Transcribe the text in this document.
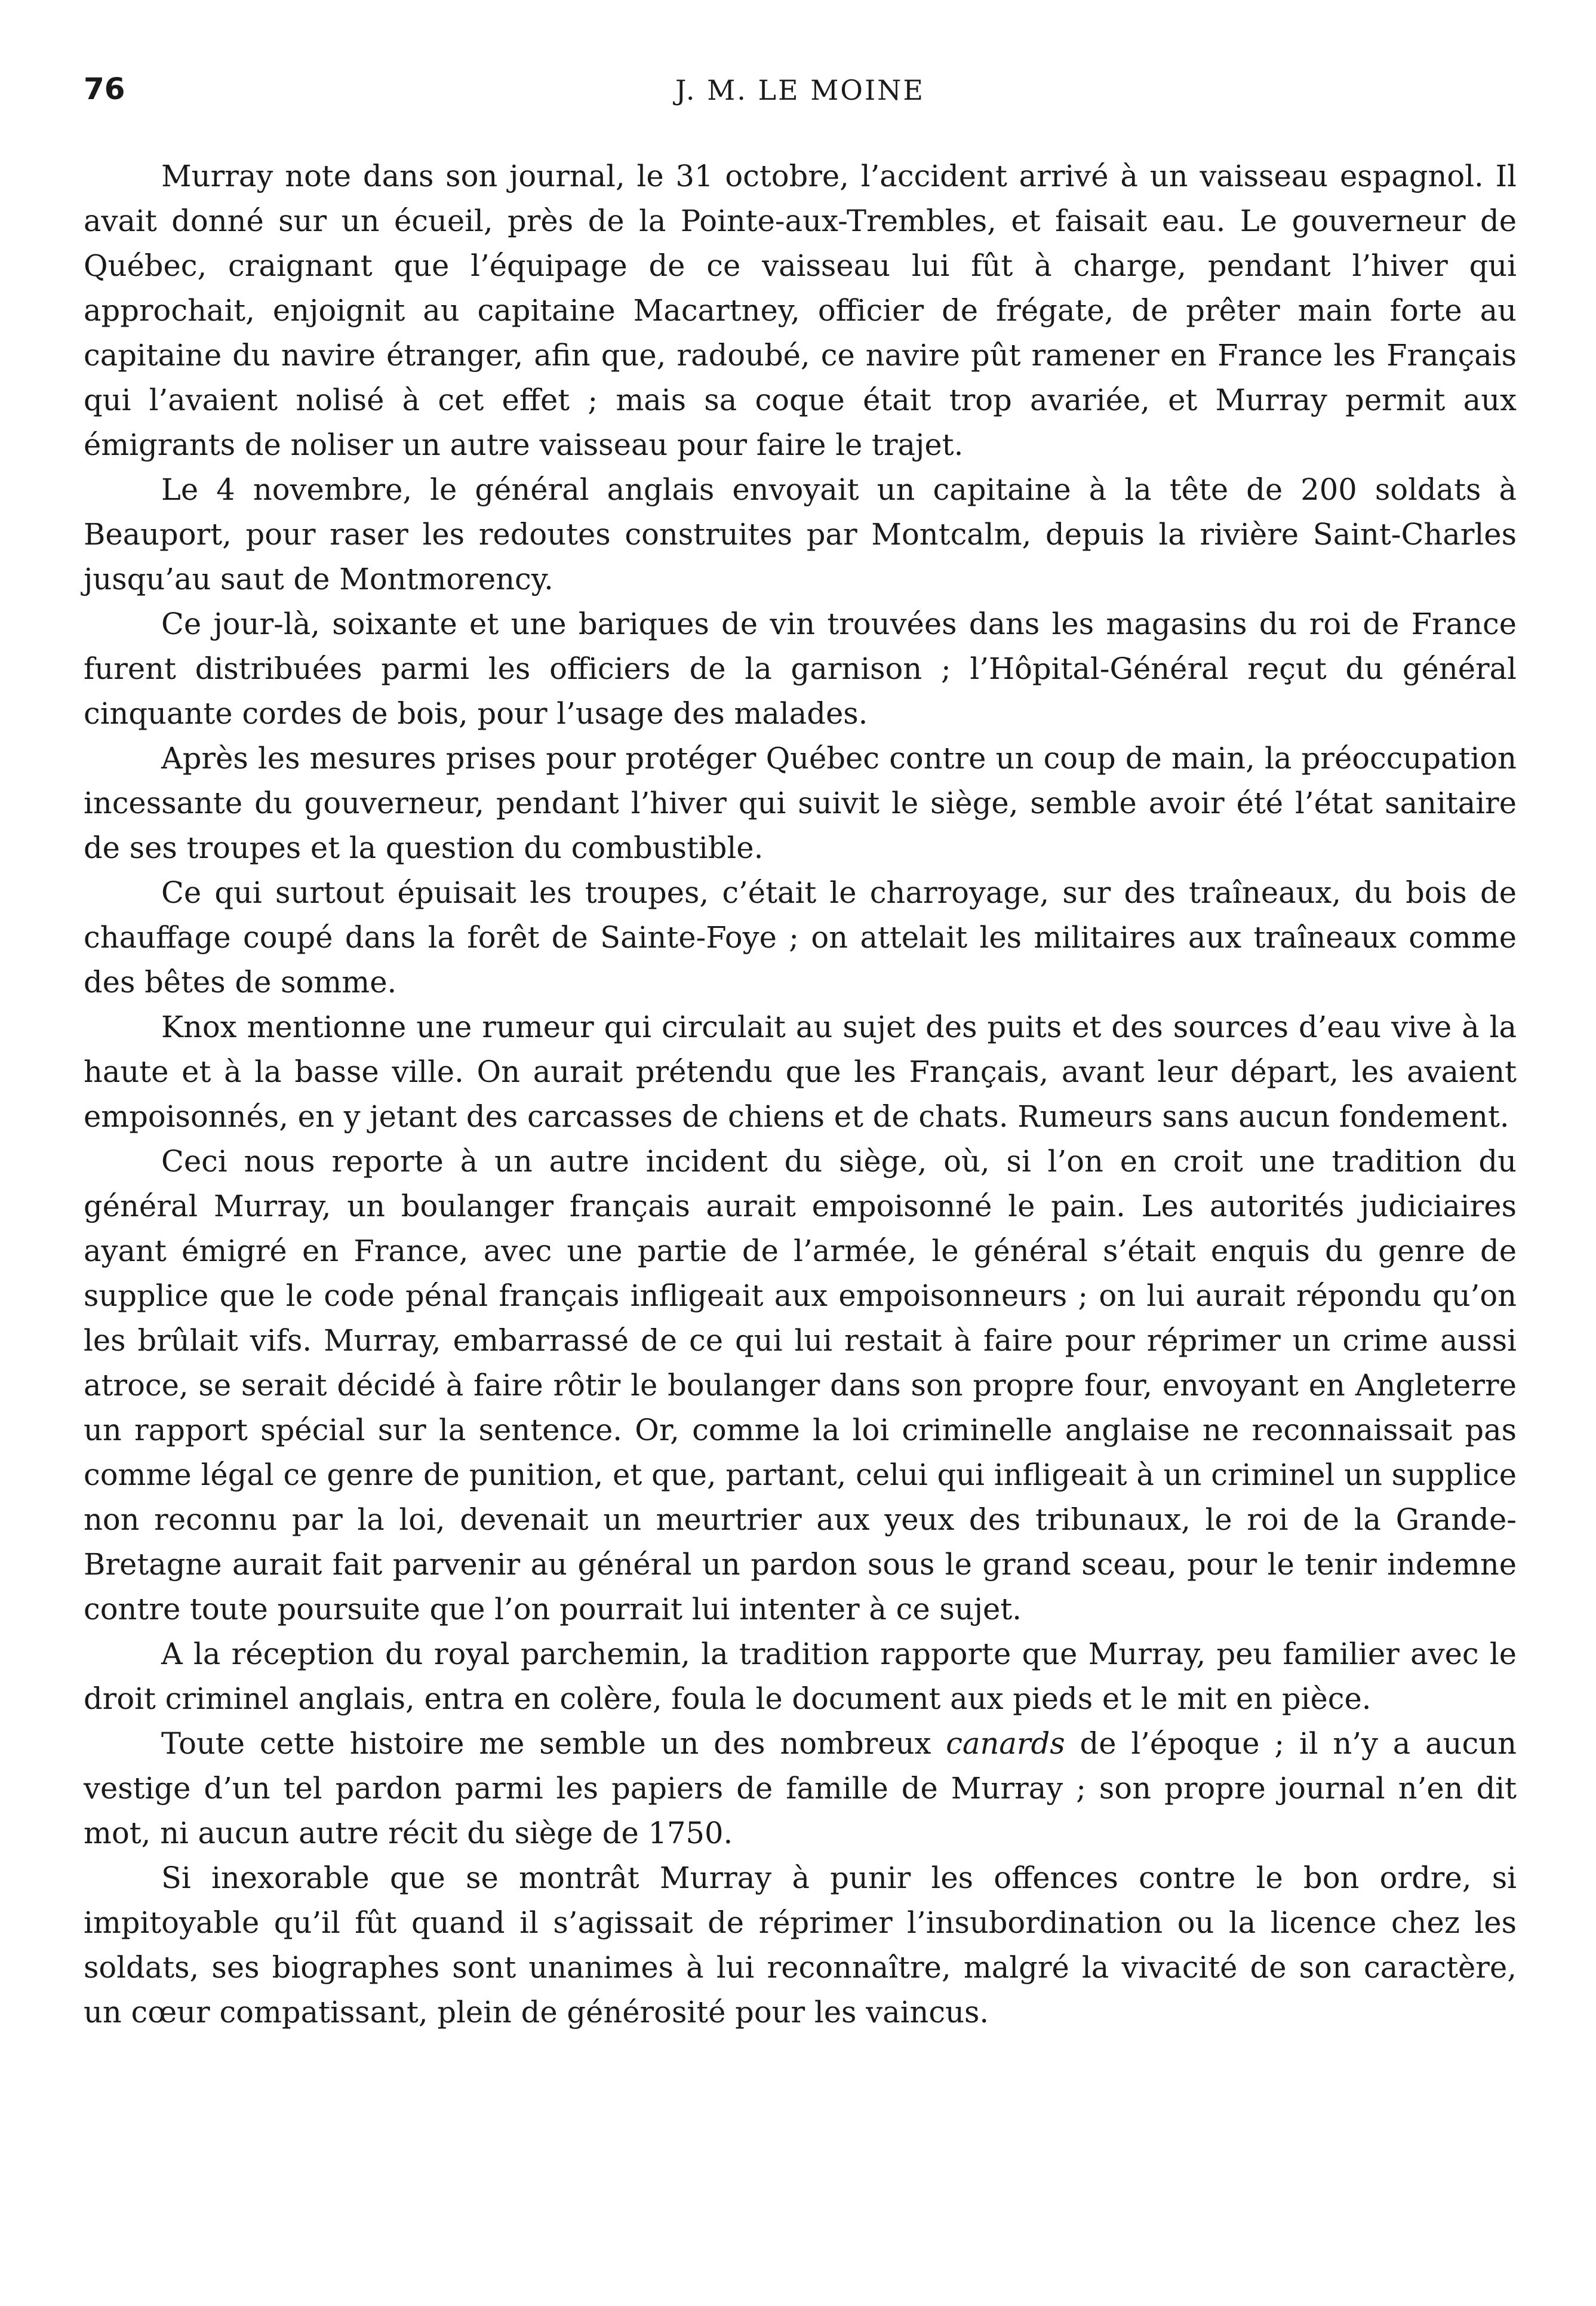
76	J. M. LE MOINE

Murray note dans son journal, le 31 octobre, l’accident arrivé à un vaisseau espagnol. Il avait donné sur un écueil, près de la Pointe-aux-Trembles, et faisait eau. Le gouverneur de Québec, craignant que l’équipage de ce vaisseau lui fût à charge, pendant l’hiver qui approchait, enjoignit au capitaine Macartney, officier de frégate, de prêter main forte au capitaine du navire étranger, afin que, radoubé, ce navire pût ramener en France les Français qui l’avaient nolisé à cet effet ; mais sa coque était trop avariée, et Murray permit aux émigrants de noliser un autre vaisseau pour faire le trajet.

Le 4 novembre, le général anglais envoyait un capitaine à la tête de 200 soldats à Beauport, pour raser les redoutes construites par Montcalm, depuis la rivière Saint-Charles jusqu’au saut de Montmorency.

Ce jour-là, soixante et une bariques de vin trouvées dans les magasins du roi de France furent distribuées parmi les officiers de la garnison ; l’Hôpital-Général reçut du général cinquante cordes de bois, pour l’usage des malades.

Après les mesures prises pour protéger Québec contre un coup de main, la préoccupation incessante du gouverneur, pendant l’hiver qui suivit le siège, semble avoir été l’état sanitaire de ses troupes et la question du combustible.

Ce qui surtout épuisait les troupes, c’était le charroyage, sur des traîneaux, du bois de chauffage coupé dans la forêt de Sainte-Foye ; on attelait les militaires aux traîneaux comme des bêtes de somme.

Knox mentionne une rumeur qui circulait au sujet des puits et des sources d’eau vive à la haute et à la basse ville. On aurait prétendu que les Français, avant leur départ, les avaient empoisonnés, en y jetant des carcasses de chiens et de chats. Rumeurs sans aucun fondement.

Ceci nous reporte à un autre incident du siège, où, si l’on en croit une tradition du général Murray, un boulanger français aurait empoisonné le pain. Les autorités judiciaires ayant émigré en France, avec une partie de l’armée, le général s’était enquis du genre de supplice que le code pénal français infligeait aux empoisonneurs ; on lui aurait répondu qu’on les brûlait vifs. Murray, embarrassé de ce qui lui restait à faire pour réprimer un crime aussi atroce, se serait décidé à faire rôtir le boulanger dans son propre four, envoyant en Angleterre un rapport spécial sur la sentence. Or, comme la loi criminelle anglaise ne reconnaissait pas comme légal ce genre de punition, et que, partant, celui qui infligeait à un criminel un supplice non reconnu par la loi, devenait un meurtrier aux yeux des tribunaux, le roi de la Grande-Bretagne aurait fait parvenir au général un pardon sous le grand sceau, pour le tenir indemne contre toute poursuite que l’on pourrait lui intenter à ce sujet.

A la réception du royal parchemin, la tradition rapporte que Murray, peu familier avec le droit criminel anglais, entra en colère, foula le document aux pieds et le mit en pièce.

Toute cette histoire me semble un des nombreux canards de l’époque ; il n’y a aucun vestige d’un tel pardon parmi les papiers de famille de Murray ; son propre journal n’en dit mot, ni aucun autre récit du siège de 1750.

Si inexorable que se montrât Murray à punir les offences contre le bon ordre, si impitoyable qu’il fût quand il s’agissait de réprimer l’insubordination ou la licence chez les soldats, ses biographes sont unanimes à lui reconnaître, malgré la vivacité de son caractère, un cœur compatissant, plein de générosité pour les vaincus.
